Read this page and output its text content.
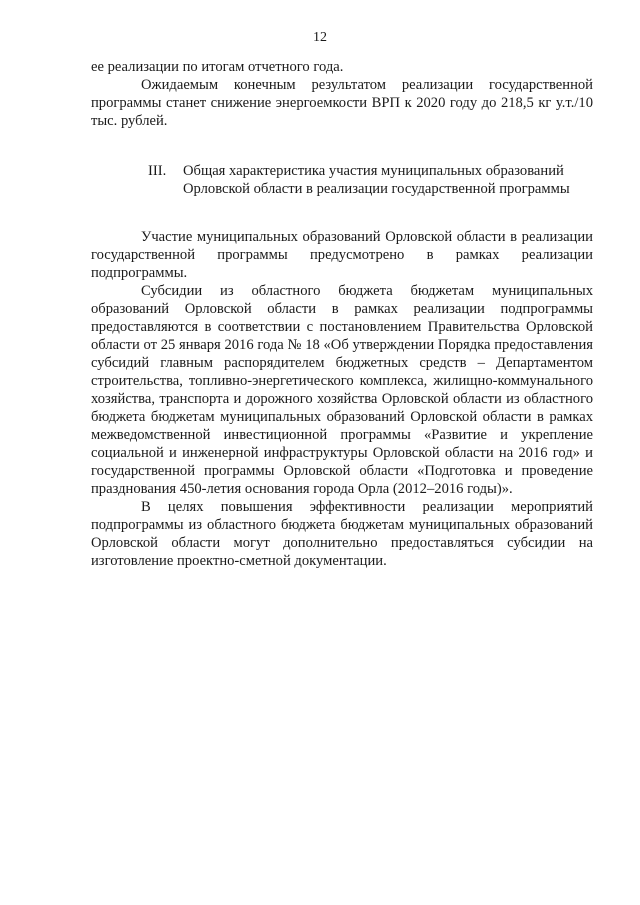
12

ее реализации по итогам отчетного года.

Ожидаемым конечным результатом реализации государственной программы станет снижение энергоемкости ВРП к 2020 году до 218,5 кг у.т./10 тыс. рублей.

III.	Общая характеристика участия муниципальных образований
Орловской области в реализации государственной программы

Участие муниципальных образований Орловской области в реализации государственной программы предусмотрено в рамках реализации подпрограммы.

Субсидии из областного бюджета бюджетам муниципальных образований Орловской области в рамках реализации подпрограммы предоставляются в соответствии с постановлением Правительства Орловской области от 25 января 2016 года № 18 «Об утверждении Порядка предоставления субсидий главным распорядителем бюджетных средств – Департаментом строительства, топливно-энергетического комплекса, жилищно-коммунального хозяйства, транспорта и дорожного хозяйства Орловской области из областного бюджета бюджетам муниципальных образований Орловской области в рамках межведомственной инвестиционной программы «Развитие и укрепление социальной и инженерной инфраструктуры Орловской области на 2016 год» и государственной программы Орловской области «Подготовка и проведение празднования 450-летия основания города Орла (2012–2016 годы)».

В целях повышения эффективности реализации мероприятий подпрограммы из областного бюджета бюджетам муниципальных образований Орловской области могут дополнительно предоставляться субсидии на изготовление проектно-сметной документации.
